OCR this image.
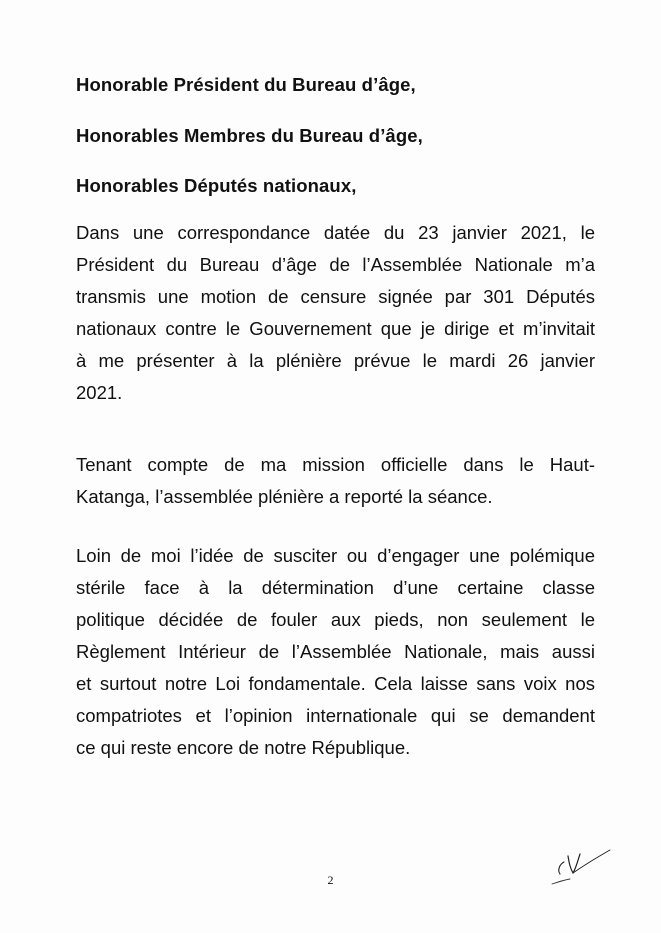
Honorable Président du Bureau d’âge,
Honorables Membres du Bureau d’âge,
Honorables Députés nationaux,
Dans une correspondance datée du 23 janvier 2021, le
Président du Bureau d’âge de l’Assemblée Nationale m’a
transmis une motion de censure signée par 301 Députés
nationaux contre le Gouvernement que je dirige et m’invitait
à me présenter à la plénière prévue le mardi 26 janvier
2021.
Tenant compte de ma mission officielle dans le Haut-
Katanga, l’assemblée plénière a reporté la séance.
Loin de moi l’idée de susciter ou d’engager une polémique
stérile face à la détermination d’une certaine classe
politique décidée de fouler aux pieds, non seulement le
Règlement Intérieur de l’Assemblée Nationale, mais aussi
et surtout notre Loi fondamentale. Cela laisse sans voix nos
compatriotes et l’opinion internationale qui se demandent
ce qui reste encore de notre République.
2
